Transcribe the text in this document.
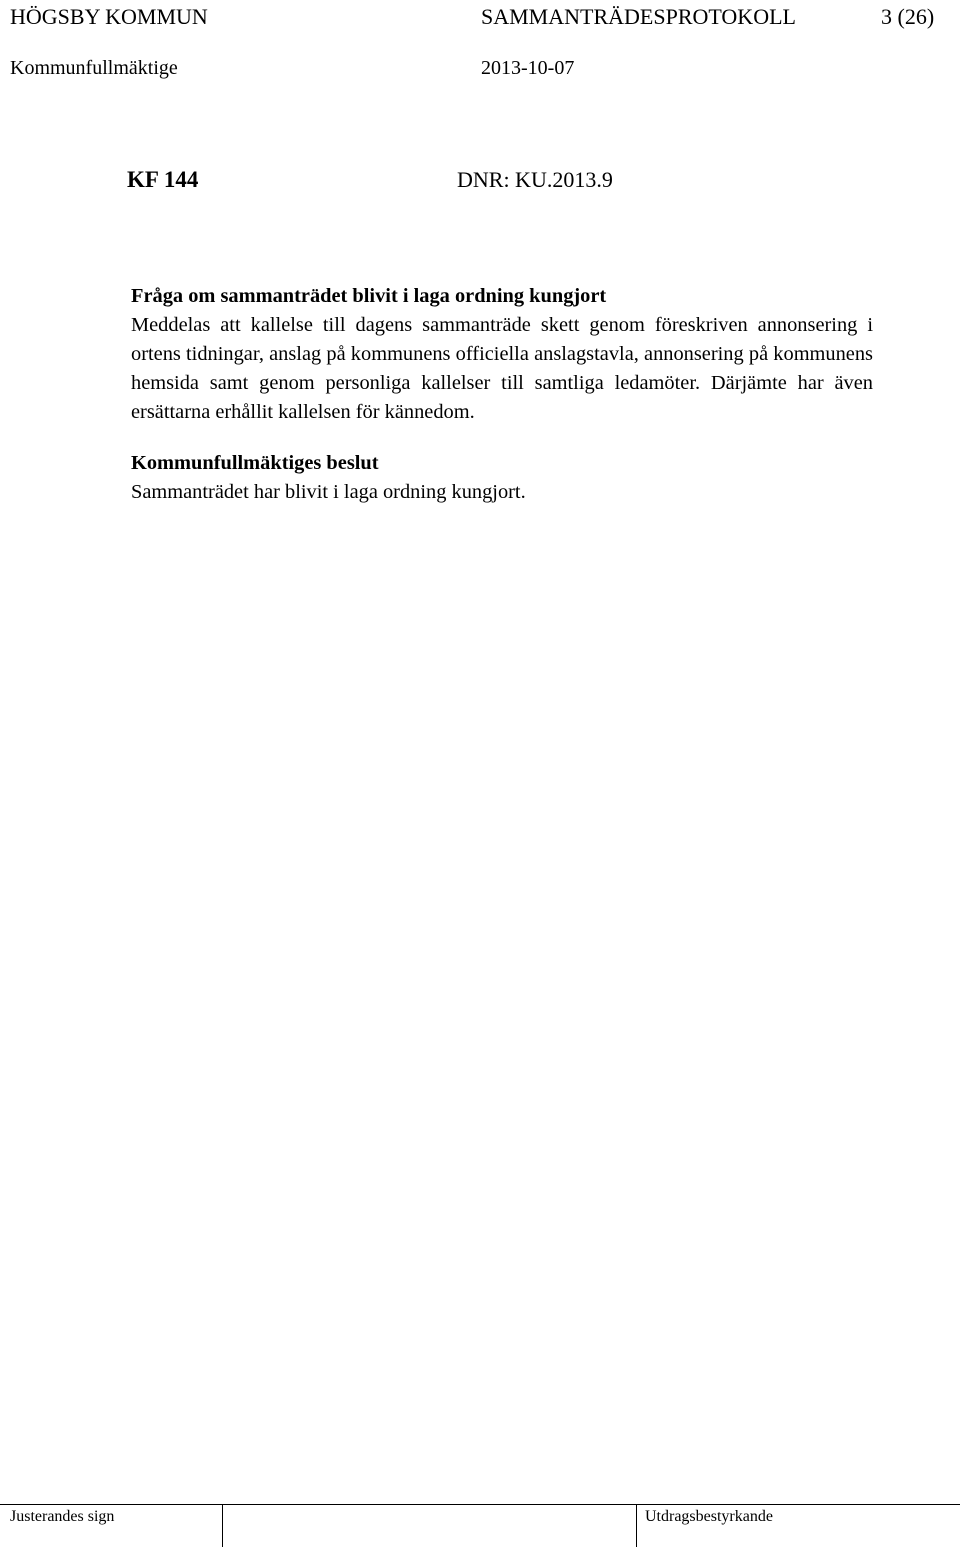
HÖGSBY KOMMUN	SAMMANTRÄDESPROTOKOLL	3 (26)
Kommunfullmäktige	2013-10-07
KF 144	DNR: KU.2013.9

Fråga om sammanträdet blivit i laga ordning kungjort

Meddelas att kallelse till dagens sammanträde skett genom föreskriven annonsering i ortens tidningar, anslag på kommunens officiella anslagstavla, annonsering på kommunens hemsida samt genom personliga kallelser till samtliga ledamöter. Därjämte har även ersättarna erhållit kallelsen för kännedom.

Kommunfullmäktiges beslut

Sammanträdet har blivit i laga ordning kungjort.

Justerandes sign	Utdragsbestyrkande
